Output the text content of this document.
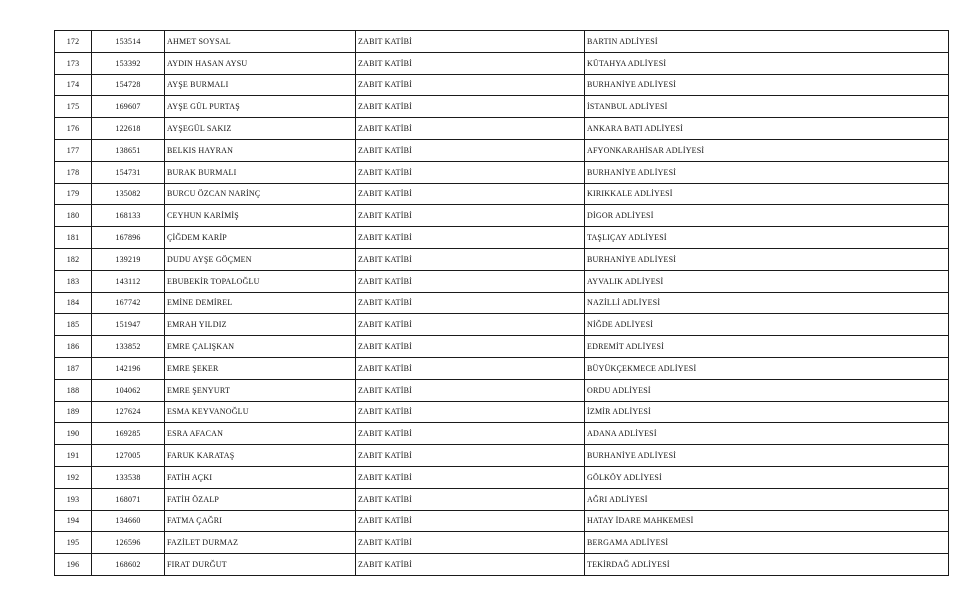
172	153514	AHMET SOYSAL	ZABIT KATİBİ	BARTIN ADLİYESİ
173	153392	AYDIN HASAN AYSU	ZABIT KATİBİ	KÜTAHYA ADLİYESİ
174	154728	AYŞE BURMALI	ZABIT KATİBİ	BURHANİYE ADLİYESİ
175	169607	AYŞE GÜL PURTAŞ	ZABIT KATİBİ	İSTANBUL ADLİYESİ
176	122618	AYŞEGÜL SAKIZ	ZABIT KATİBİ	ANKARA BATI ADLİYESİ
177	138651	BELKIS HAYRAN	ZABIT KATİBİ	AFYONKARAHİSAR ADLİYESİ
178	154731	BURAK BURMALI	ZABIT KATİBİ	BURHANİYE ADLİYESİ
179	135082	BURCU ÖZCAN NARİNÇ	ZABIT KATİBİ	KIRIKKALE ADLİYESİ
180	168133	CEYHUN KARİMİŞ	ZABIT KATİBİ	DİGOR ADLİYESİ
181	167896	ÇİĞDEM KARİP	ZABIT KATİBİ	TAŞLIÇAY ADLİYESİ
182	139219	DUDU AYŞE GÖÇMEN	ZABIT KATİBİ	BURHANİYE ADLİYESİ
183	143112	EBUBEKİR TOPALOĞLU	ZABIT KATİBİ	AYVALIK ADLİYESİ
184	167742	EMİNE DEMİREL	ZABIT KATİBİ	NAZİLLİ ADLİYESİ
185	151947	EMRAH YILDIZ	ZABIT KATİBİ	NİĞDE ADLİYESİ
186	133852	EMRE ÇALIŞKAN	ZABIT KATİBİ	EDREMİT ADLİYESİ
187	142196	EMRE ŞEKER	ZABIT KATİBİ	BÜYÜKÇEKMECE ADLİYESİ
188	104062	EMRE ŞENYURT	ZABIT KATİBİ	ORDU ADLİYESİ
189	127624	ESMA KEYVANOĞLU	ZABIT KATİBİ	İZMİR ADLİYESİ
190	169285	ESRA AFACAN	ZABIT KATİBİ	ADANA ADLİYESİ
191	127005	FARUK KARATAŞ	ZABIT KATİBİ	BURHANİYE ADLİYESİ
192	133538	FATİH AÇKI	ZABIT KATİBİ	GÖLKÖY ADLİYESİ
193	168071	FATİH ÖZALP	ZABIT KATİBİ	AĞRI ADLİYESİ
194	134660	FATMA ÇAĞRI	ZABIT KATİBİ	HATAY İDARE MAHKEMESİ
195	126596	FAZİLET DURMAZ	ZABIT KATİBİ	BERGAMA ADLİYESİ
196	168602	FIRAT DURĞUT	ZABIT KATİBİ	TEKİRDAĞ ADLİYESİ
